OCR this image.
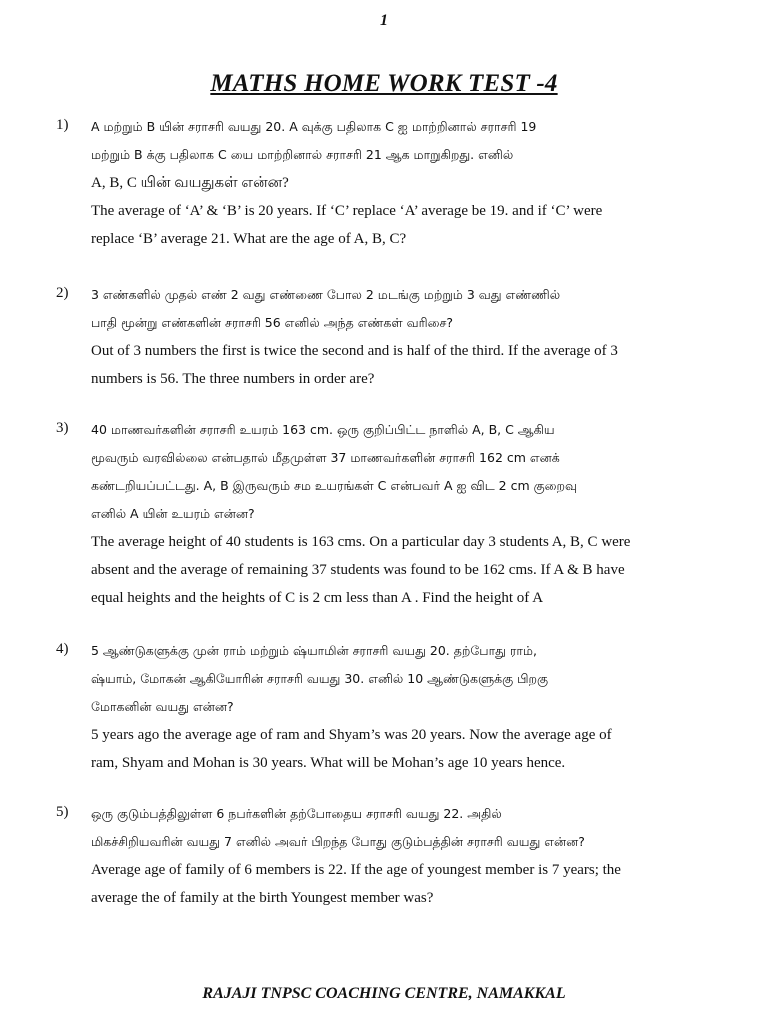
1
MATHS HOME WORK TEST -4
1)	A மற்றும் B யின் சராசரி வயது 20. A வுக்கு பதிலாக C ஐ மாற்றினால் சராசரி 19
மற்றும் B க்கு பதிலாக C யை மாற்றினால் சராசரி 21 ஆக மாறுகிறது. எனில்
A, B, C யின் வயதுகள் என்ன?
The average of ‘A’ & ‘B’ is 20 years. If ‘C’ replace ‘A’ average be 19. and if ‘C’ were
replace ‘B’ average 21. What are the age of A, B, C?
2)	3 எண்களில் முதல் எண் 2 வது எண்ணை போல 2 மடங்கு மற்றும் 3 வது எண்ணில்
பாதி மூன்று எண்களின் சராசரி 56 எனில் அந்த எண்கள் வரிசை?
Out of 3 numbers the first is twice the second and is half of the third. If the average of 3
numbers is 56. The three numbers in order are?
3)	40 மாணவர்களின் சராசரி உயரம் 163 cm. ஒரு குறிப்பிட்ட நாளில் A, B, C ஆகிய
மூவரும் வரவில்லை என்பதால் மீதமுள்ள 37 மாணவர்களின் சராசரி 162 cm எனக்
கண்டறியப்பட்டது. A, B இருவரும் சம உயரங்கள் C என்பவர் A ஐ விட 2 cm குறைவு
எனில் A யின் உயரம் என்ன?
The average height of 40 students is 163 cms. On a particular day 3 students A, B, C were
absent and the average of remaining 37 students was found to be 162 cms. If A & B have
equal heights and the heights of C is 2 cm less than A . Find the height of A
4)	5 ஆண்டுகளுக்கு முன் ராம் மற்றும் ஷ்யாமின் சராசரி வயது 20. தற்போது ராம்,
ஷ்யாம், மோகன் ஆகியோரின் சராசரி வயது 30. எனில் 10 ஆண்டுகளுக்கு பிறகு
மோகனின் வயது என்ன?
5 years ago the average age of ram and Shyam’s was 20 years. Now the average age of
ram, Shyam and Mohan is 30 years. What will be Mohan’s age 10 years hence.
5)	ஒரு குடும்பத்திலுள்ள 6 நபர்களின் தற்போதைய சராசரி வயது 22. அதில்
மிகச்சிறியவரின் வயது 7 எனில் அவர் பிறந்த போது குடும்பத்தின் சராசரி வயது என்ன?
Average age of family of 6 members is 22. If the age of youngest member is 7 years; the
average the of family at the birth Youngest member was?
RAJAJI TNPSC COACHING CENTRE, NAMAKKAL
